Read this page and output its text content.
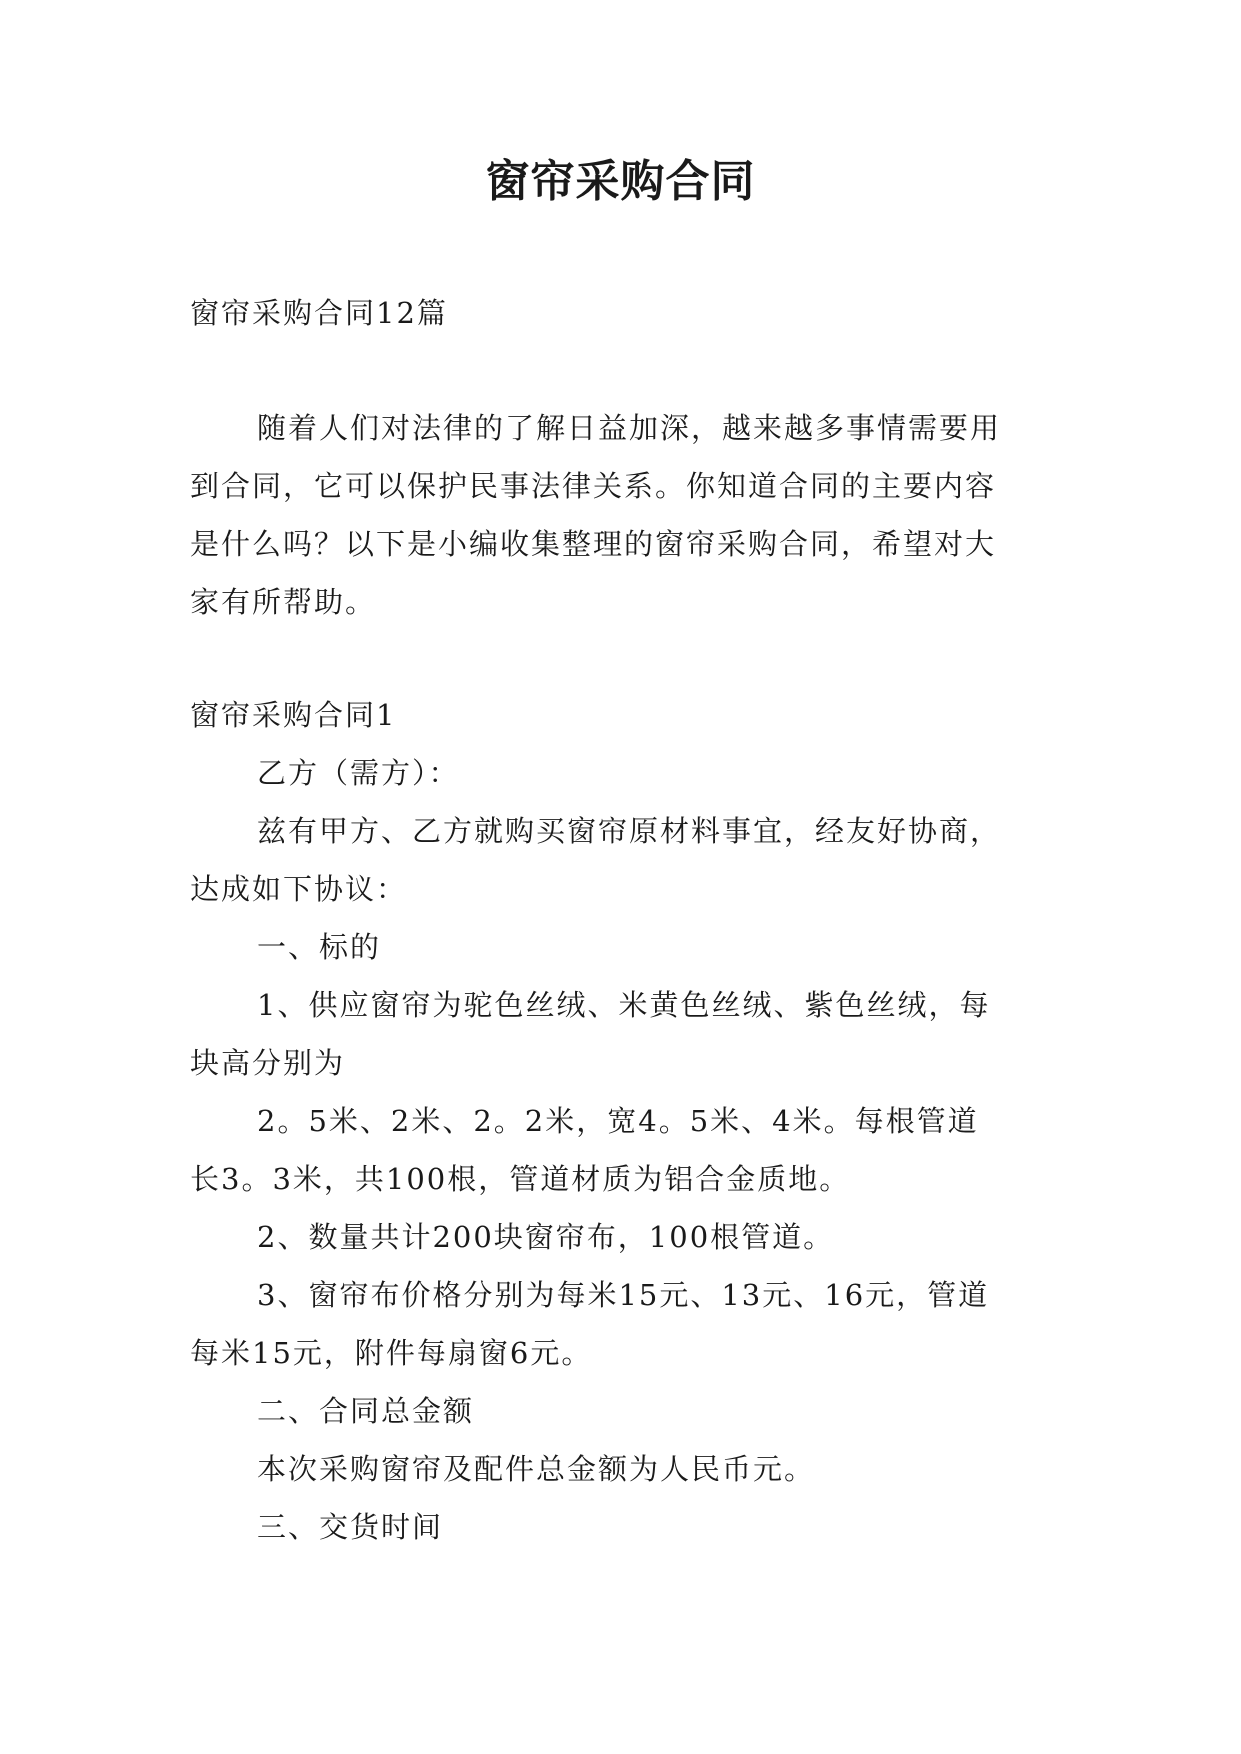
窗帘采购合同

窗帘采购合同12篇

随着人们对法律的了解日益加深，越来越多事情需要用

到合同，它可以保护民事法律关系。你知道合同的主要内容

是什么吗？以下是小编收集整理的窗帘采购合同，希望对大

家有所帮助。

窗帘采购合同1

乙方（需方）：

兹有甲方、乙方就购买窗帘原材料事宜，经友好协商，

达成如下协议：

一、标的

1、供应窗帘为驼色丝绒、米黄色丝绒、紫色丝绒，每

块高分别为

2。5米、2米、2。2米，宽4。5米、4米。每根管道

长3。3米，共100根，管道材质为铝合金质地。

2、数量共计200块窗帘布，100根管道。

3、窗帘布价格分别为每米15元、13元、16元，管道

每米15元，附件每扇窗6元。

二、合同总金额

本次采购窗帘及配件总金额为人民币元。

三、交货时间
